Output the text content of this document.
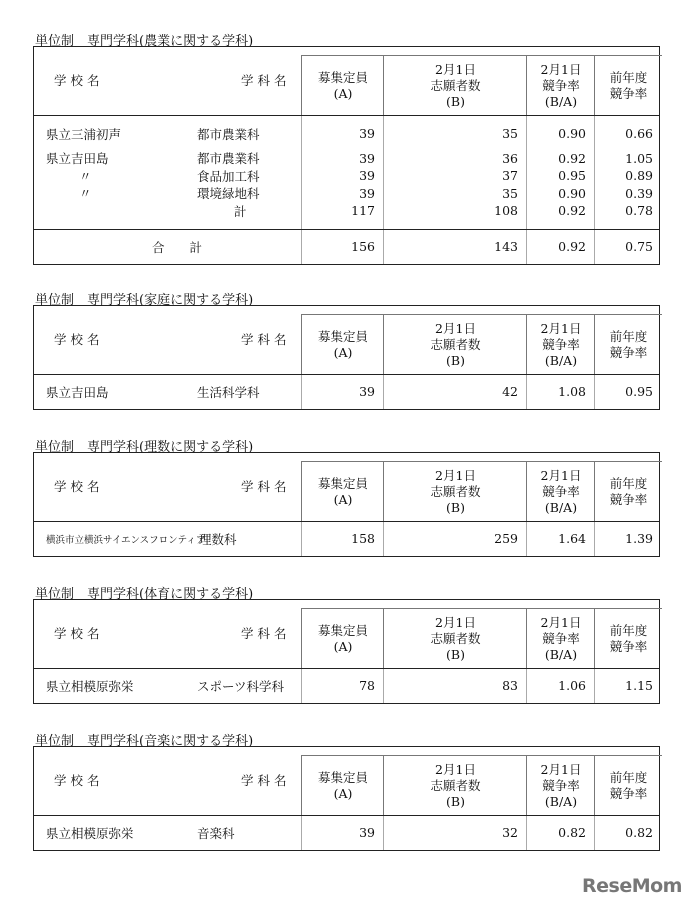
単位制　専門学科(農業に関する学科)
学 校 名	学 科 名	募集定員
(A)
2月1日
志願者数
(B)
2月1日
競争率
(B/A)
前年度
競争率
県立三浦初声	都市農業科	39	35	0.90	0.66
県立吉田島	都市農業科	39	36	0.92	1.05
〃	食品加工科	39	37	0.95	0.89
〃	環境緑地科	39	35	0.90	0.39
計	117	108	0.92	0.78
合　　計	156	143	0.92	0.75
単位制　専門学科(家庭に関する学科)
学 校 名	学 科 名	募集定員
(A)
2月1日
志願者数
(B)
2月1日
競争率
(B/A)
前年度
競争率
県立吉田島	生活科学科	39	42	1.08	0.95
単位制　専門学科(理数に関する学科)
学 校 名	学 科 名	募集定員
(A)
2月1日
志願者数
(B)
2月1日
競争率
(B/A)
前年度
競争率
横浜市立横浜サイエンスフロンティア
理数科	158	259	1.64	1.39
単位制　専門学科(体育に関する学科)
学 校 名	学 科 名	募集定員
(A)
2月1日
志願者数
(B)
2月1日
競争率
(B/A)
前年度
競争率
県立相模原弥栄	スポーツ科学科	78	83	1.06	1.15
単位制　専門学科(音楽に関する学科)
学 校 名	学 科 名	募集定員
(A)
2月1日
志願者数
(B)
2月1日
競争率
(B/A)
前年度
競争率
県立相模原弥栄	音楽科	39	32	0.82	0.82
ReseMom
